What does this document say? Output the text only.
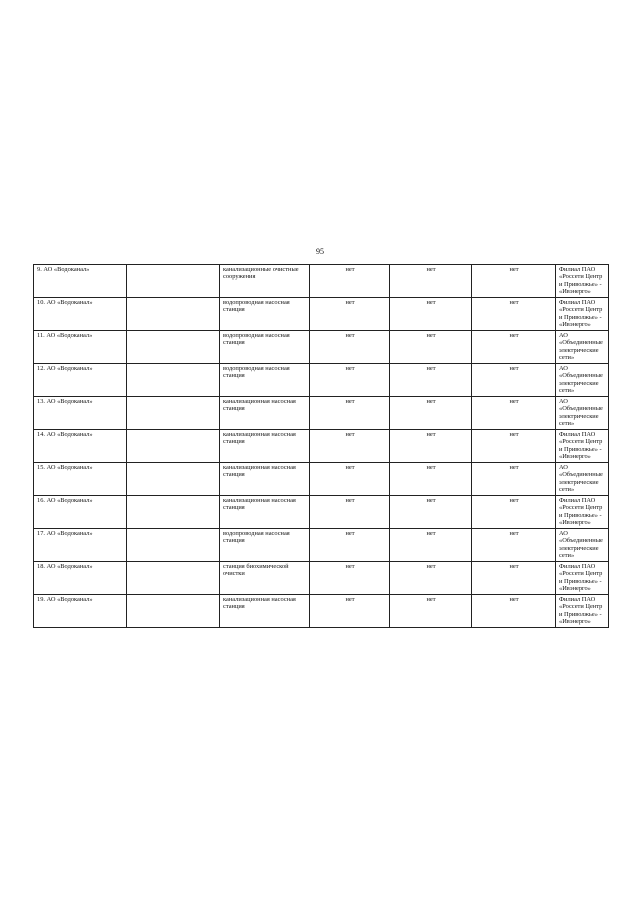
95
9. АО «Водоканал»		канализационные очистные сооружения	нет	нет	нет	Филиал ПАО «Россети Центр и Приволжье» - «Ивэнерго»
10. АО «Водоканал»		водопроводная насосная станция	нет	нет	нет	Филиал ПАО «Россети Центр и Приволжье» - «Ивэнерго»
11. АО «Водоканал»		водопроводная насосная станция	нет	нет	нет	АО «Объединенные электрические сети»
12. АО «Водоканал»		водопроводная насосная станция	нет	нет	нет	АО «Объединенные электрические сети»
13. АО «Водоканал»		канализационная насосная станция	нет	нет	нет	АО «Объединенные электрические сети»
14. АО «Водоканал»		канализационная насосная станция	нет	нет	нет	Филиал ПАО «Россети Центр и Приволжье» - «Ивэнерго»
15. АО «Водоканал»		канализационная насосная станция	нет	нет	нет	АО «Объединенные электрические сети»
16. АО «Водоканал»		канализационная насосная станция	нет	нет	нет	Филиал ПАО «Россети Центр и Приволжье» - «Ивэнерго»
17. АО «Водоканал»		водопроводная насосная станция	нет	нет	нет	АО «Объединенные электрические сети»
18. АО «Водоканал»		станция биохимической очистки	нет	нет	нет	Филиал ПАО «Россети Центр и Приволжье» - «Ивэнерго»
19. АО «Водоканал»		канализационная насосная станция	нет	нет	нет	Филиал ПАО «Россети Центр и Приволжье» - «Ивэнерго»
